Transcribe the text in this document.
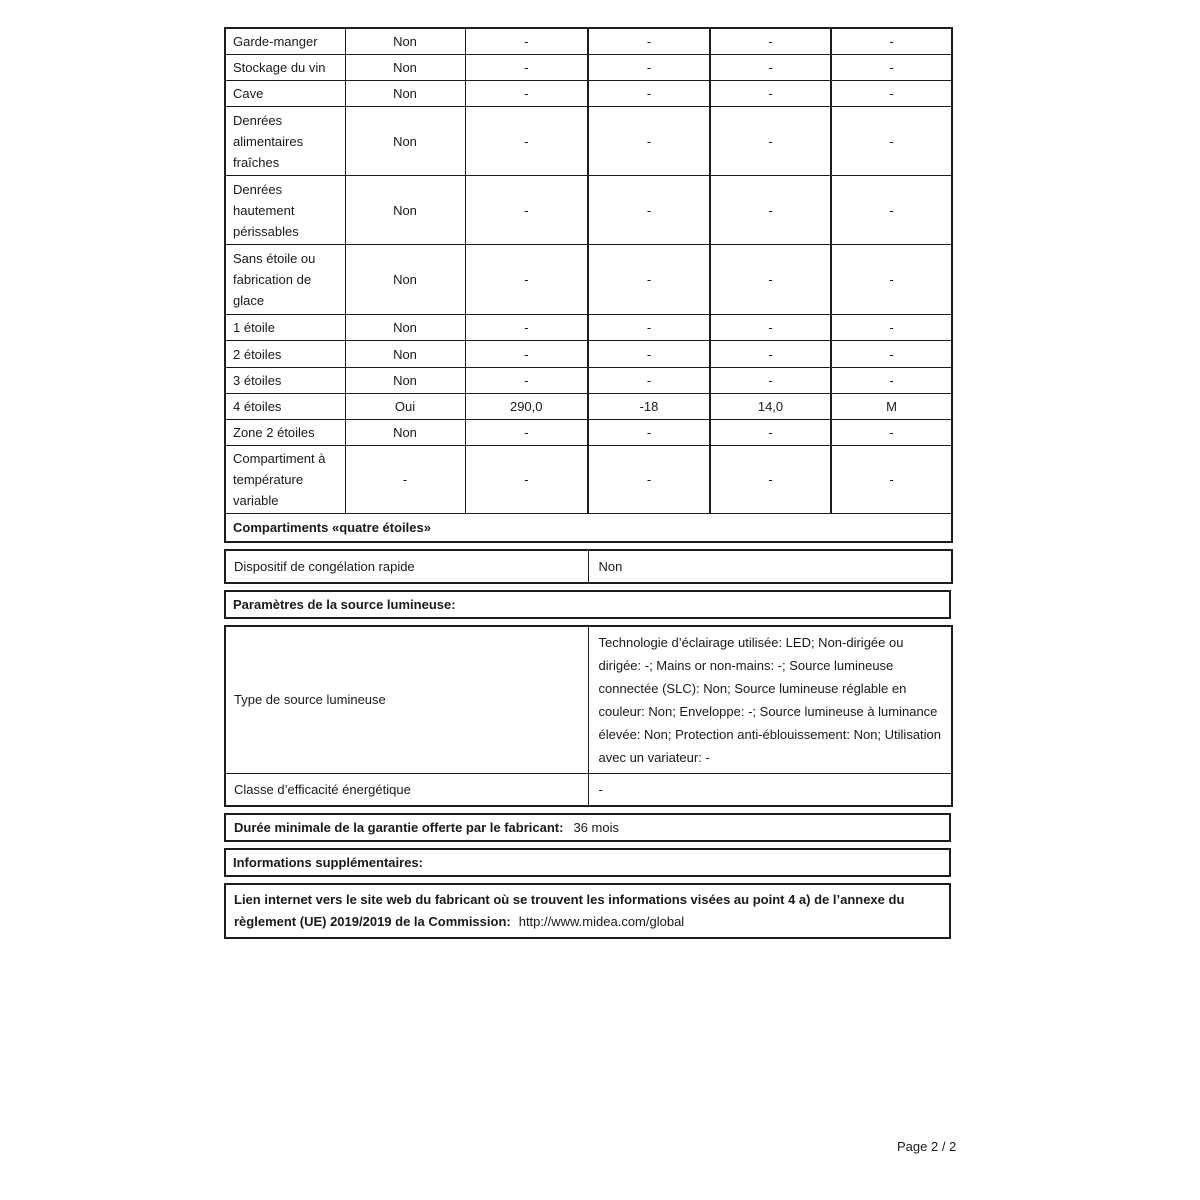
Garde-manger	Non	-	-	-	-
Stockage du vin	Non	-	-	-	-
Cave	Non	-	-	-	-
Denrées alimentaires fraîches	Non	-	-	-	-
Denrées hautement périssables	Non	-	-	-	-
Sans étoile ou fabrication de glace	Non	-	-	-	-
1 étoile	Non	-	-	-	-
2 étoiles	Non	-	-	-	-
3 étoiles	Non	-	-	-	-
4 étoiles	Oui	290,0	-18	14,0	M
Zone 2 étoiles	Non	-	-	-	-
Compartiment à température variable	-	-	-	-	-
Compartiments «quatre étoiles»					
Dispositif de congélation rapide	Non
Paramètres de la source lumineuse:
Type de source lumineuse	Technologie d’éclairage utilisée: LED; Non-dirigée ou dirigée: -; Mains or non-mains: -; Source lumineuse connectée (SLC): Non; Source lumineuse réglable en couleur: Non; Enveloppe: -; Source lumineuse à luminance élevée: Non; Protection anti-éblouissement: Non; Utilisation avec un variateur: -
Classe d’efficacité énergétique	-
Durée minimale de la garantie offerte par le fabricant: 36 mois
Informations supplémentaires:
Lien internet vers le site web du fabricant où se trouvent les informations visées au point 4 a) de l’annexe du règlement (UE) 2019/2019 de la Commission: http://www.midea.com/global
Page 2 / 2
